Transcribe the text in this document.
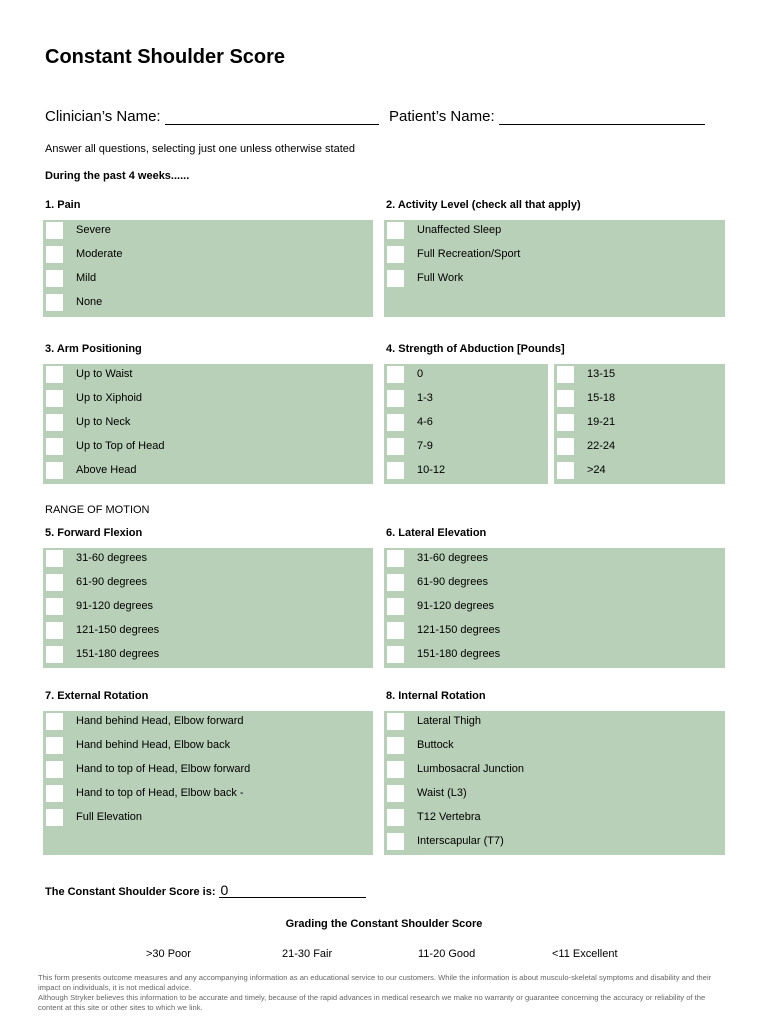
Constant Shoulder Score
Clinician’s Name:	Patient’s Name:
Answer all questions, selecting just one unless otherwise stated
During the past 4 weeks......
1. Pain	2. Activity Level (check all that apply)
3. Arm Positioning	4. Strength of Abduction [Pounds]
RANGE OF MOTION
5. Forward Flexion	6. Lateral Elevation
7. External Rotation	8. Internal Rotation
Severe
Moderate
Mild
None
Unaffected Sleep
Full Recreation/Sport
Full Work
Up to Waist
Up to Xiphoid
Up to Neck
Up to Top of Head
Above Head
0
1-3
4-6
7-9
10-12
13-15
15-18
19-21
22-24
>24
31-60 degrees
61-90 degrees
91-120 degrees
121-150 degrees
151-180 degrees
31-60 degrees
61-90 degrees
91-120 degrees
121-150 degrees
151-180 degrees
Hand behind Head, Elbow forward
Hand behind Head, Elbow back
Hand to top of Head, Elbow forward
Hand to top of Head, Elbow back -
Full Elevation
Lateral Thigh
Buttock
Lumbosacral Junction
Waist (L3)
T12 Vertebra
Interscapular (T7)
The Constant Shoulder Score is: 0
Grading the Constant Shoulder Score
>30 Poor	21-30 Fair	11-20 Good	<11 Excellent
This form presents outcome measures and any accompanying information as an educational service to our customers. While the information is about musculo-skeletal symptoms and disability and their impact on individuals, it is not medical advice.
Although Stryker believes this information to be accurate and timely, because of the rapid advances in medical research we make no warranty or guarantee concerning the accuracy or reliability of the content at this site or other sites to which we link.
